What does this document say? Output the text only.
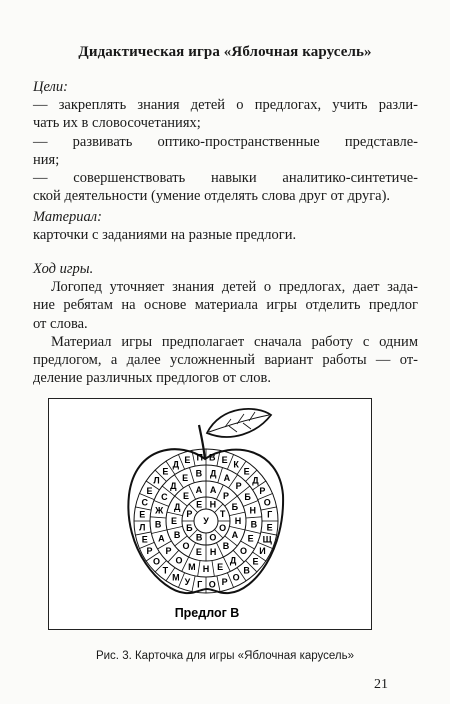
Дидактическая игра «Яблочная карусель»
Цели:
— закреплять знания детей о предлогах, учить разли-
чать их в словосочетаниях;
— развивать оптико-пространственные представле-
ния;
— совершенствовать навыки аналитико-синтетиче-
ской деятельности (умение отделять слова друг от друга).
Материал:
карточки с заданиями на разные предлоги.
Ход игры.
Логопед уточняет знания детей о предлогах, дает зада-
ние ребятам на основе материала игры отделить предлог
от слова.
Материал игры предполагает сначала работу с одним
предлогом, а далее усложненный вариант работы — от-
деление различных предлогов от слов.
В Е К
Е
Д
Р
О
Г
Е
Щ
И
Е
В
О
Р
О
Г
У
М
Т
О
Р
Е
Л
Е
С
Е
Л
Е
Д Е П
Д А
Р
Б
Н
В
Е
О
Д
Е
Н
М
О
Р
А
В
Ж
С
Д
Е В
А
Р
Б
Н
А
В
Н
Е
О
В
Е
Д
Е
А
Н
Т
О
О
В
Б
Р
Е
У
Предлог В
Рис. 3. Карточка для игры «Яблочная карусель»
21
